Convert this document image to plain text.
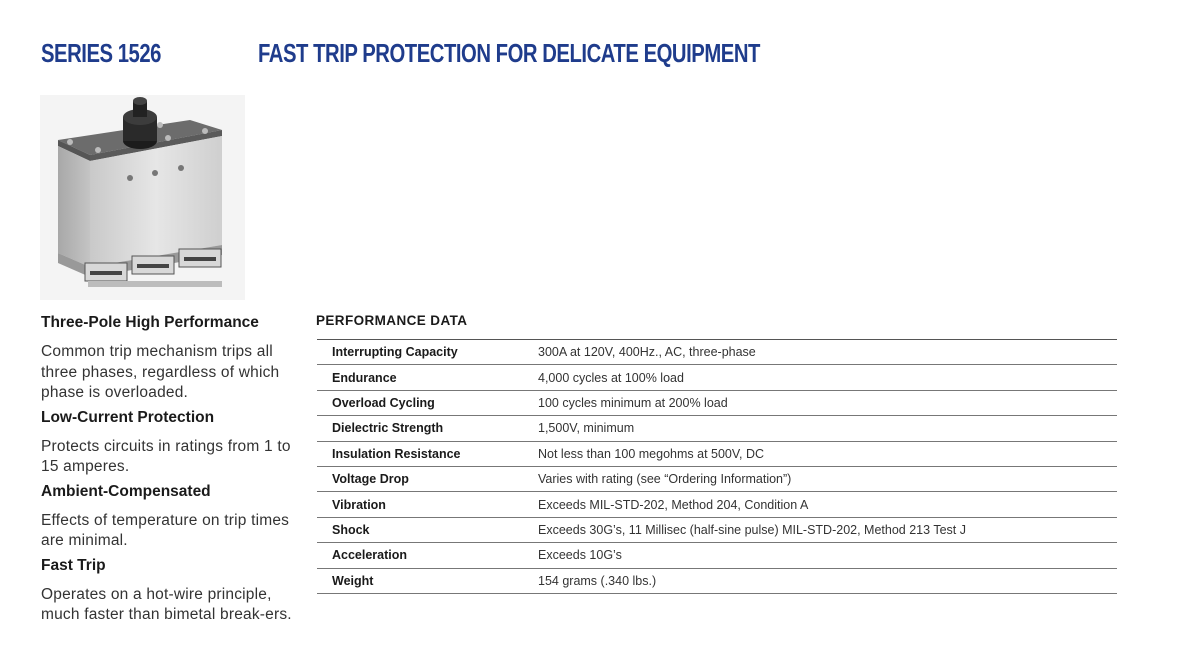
SERIES 1526	FAST TRIP PROTECTION FOR DELICATE EQUIPMENT
Three-Pole High Performance
Common trip mechanism trips all three phases, regardless of which phase is overloaded.
Low-Current Protection
Protects circuits in ratings from 1 to 15 amperes.
Ambient-Compensated
Effects of temperature on trip times are minimal.
Fast Trip
Operates on a hot-wire principle, much faster than bimetal break-ers.
PERFORMANCE DATA
Interrupting Capacity	300A at 120V, 400Hz., AC, three-phase
Endurance	4,000 cycles at 100% load
Overload Cycling	100 cycles minimum at 200% load
Dielectric Strength	1,500V, minimum
Insulation Resistance	Not less than 100 megohms at 500V, DC
Voltage Drop	Varies with rating (see “Ordering Information”)
Vibration	Exceeds MIL-STD-202, Method 204, Condition A
Shock	Exceeds 30G’s, 11 Millisec (half-sine pulse) MIL-STD-202, Method 213 Test J
Acceleration	Exceeds 10G’s
Weight	154 grams (.340 lbs.)
